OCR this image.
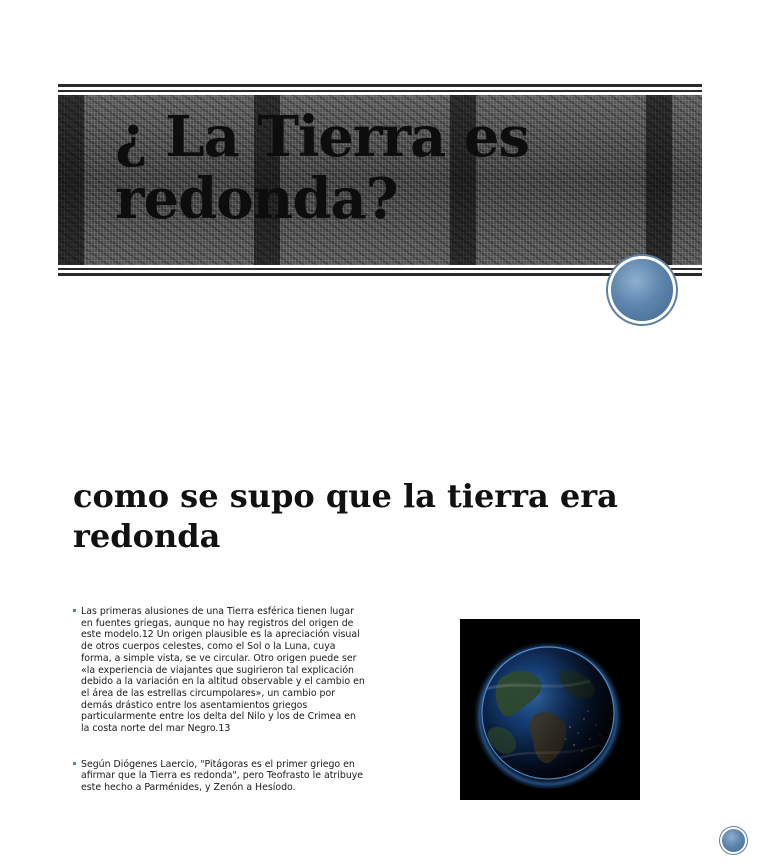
¿ La Tierra es redonda?
como se supo que la tierra era redonda
Las primeras alusiones de una Tierra esférica tienen lugar en fuentes griegas, aunque no hay registros del origen de este modelo.12 Un origen plausible es la apreciación visual de otros cuerpos celestes, como el Sol o la Luna, cuya forma, a simple vista, se ve circular. Otro origen puede ser «la experiencia de viajantes que sugirieron tal explicación debido a la variación en la altitud observable y el cambio en el área de las estrellas circumpolares», un cambio por demás drástico entre los asentamientos griegos particularmente entre los delta del Nilo y los de Crimea en la costa norte del mar Negro.13
Según Diógenes Laercio, "Pitágoras es el primer griego en afirmar que la Tierra es redonda", pero Teofrasto le atribuye este hecho a Parménides, y Zenón a Hesíodo.
